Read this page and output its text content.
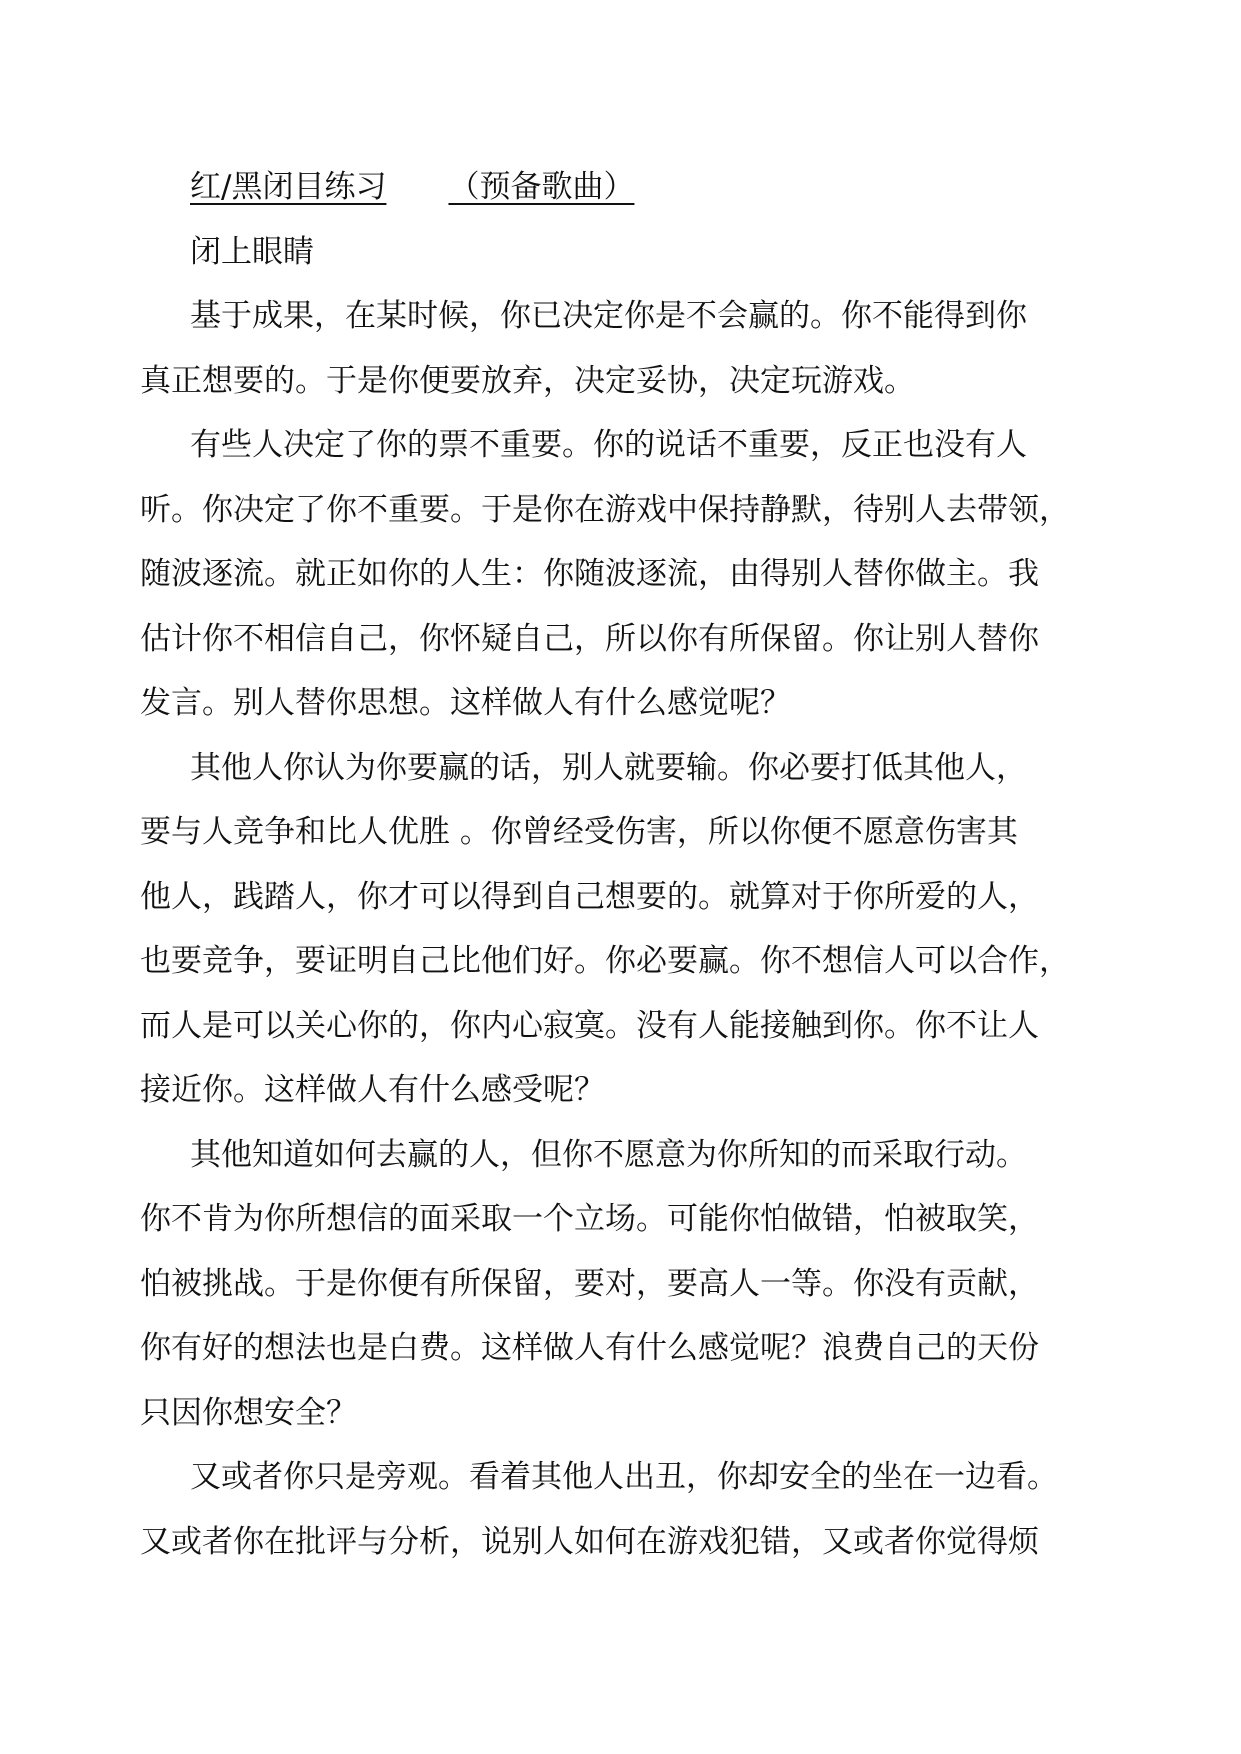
红/黑闭目练习 （预备歌曲）
闭上眼睛
基于成果，在某时候，你已决定你是不会赢的。你不能得到你
真正想要的。于是你便要放弃，决定妥协，决定玩游戏。
有些人决定了你的票不重要。你的说话不重要，反正也没有人
听。你决定了你不重要。于是你在游戏中保持静默，待别人去带领，
随波逐流。就正如你的人生：你随波逐流，由得别人替你做主。我
估计你不相信自己，你怀疑自己，所以你有所保留。你让别人替你
发言。别人替你思想。这样做人有什么感觉呢？
其他人你认为你要赢的话，别人就要输。你必要打低其他人，
要与人竞争和比人优胜 。你曾经受伤害，所以你便不愿意伤害其
他人，践踏人，你才可以得到自己想要的。就算对于你所爱的人，
也要竞争，要证明自己比他们好。你必要赢。你不想信人可以合作，
而人是可以关心你的，你内心寂寞。没有人能接触到你。你不让人
接近你。这样做人有什么感受呢？
其他知道如何去赢的人，但你不愿意为你所知的而采取行动。
你不肯为你所想信的面采取一个立场。可能你怕做错，怕被取笑，
怕被挑战。于是你便有所保留，要对，要高人一等。你没有贡献，
你有好的想法也是白费。这样做人有什么感觉呢？浪费自己的天份
只因你想安全？
又或者你只是旁观。看着其他人出丑，你却安全的坐在一边看。
又或者你在批评与分析，说别人如何在游戏犯错，又或者你觉得烦
